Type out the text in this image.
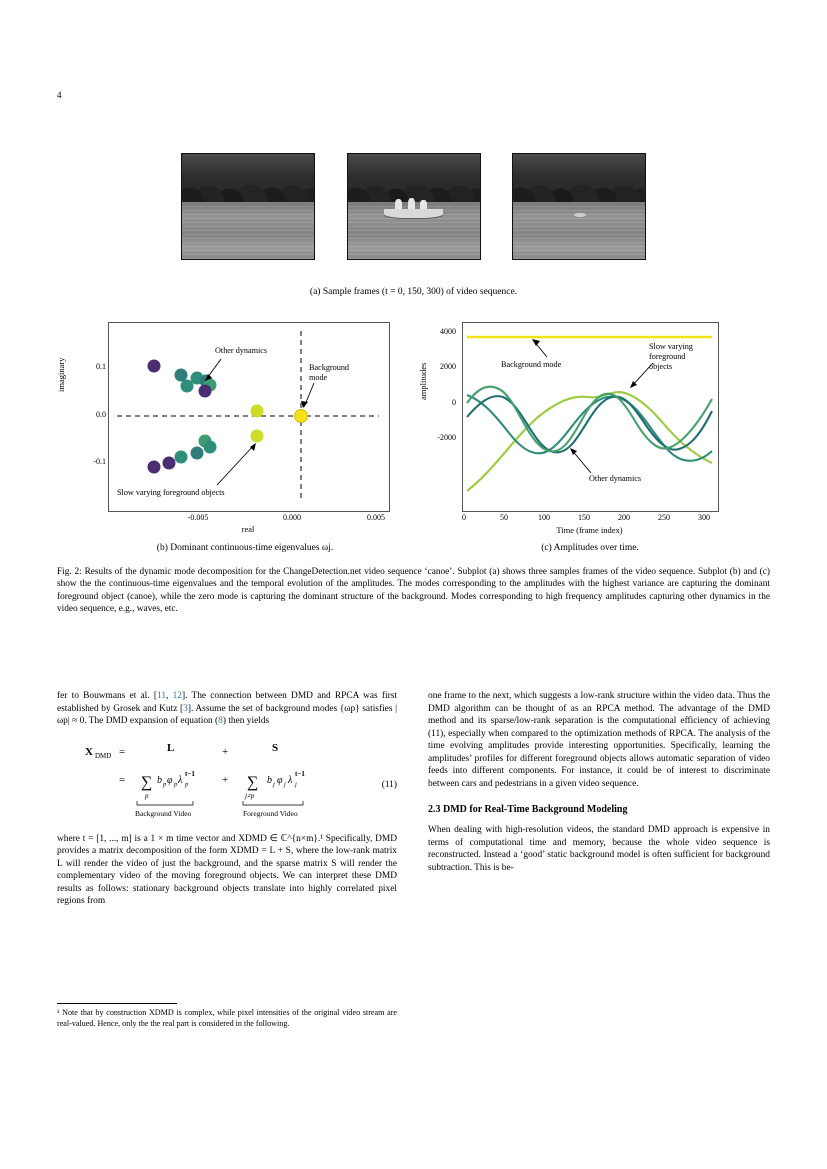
4
(a) Sample frames (t = 0, 150, 300) of video sequence.
Other dynamics
Background
mode
Slow varying foreground objects
0.1
0.0
-0.1
-0.005	0.000	0.005
imaginary
real
Background mode
Slow varying
foreground
objects
Other dynamics
4000
2000
0
-2000
0	50	100	150	200	250	300
amplitudes
Time (frame index)
(b) Dominant continuous-time eigenvalues ωj.	(c) Amplitudes over time.
Fig. 2: Results of the dynamic mode decomposition for the ChangeDetection.net video sequence ‘canoe’. Subplot (a) shows three samples frames of the video sequence. Subplot (b) and (c) show the the continuous-time eigenvalues and the temporal evolution of the amplitudes. The modes corresponding to the amplitudes with the highest variance are capturing the dominant foreground object (canoe), while the zero mode is capturing the dominant structure of the background. Modes corresponding to high frequency amplitudes capturing other dynamics in the video sequence, e.g., waves, etc.

fer to Bouwmans et al. [11, 12]. The connection between DMD and RPCA was first established by Grosek and Kutz [3]. Assume the set of background modes {ωp} satisfies |ωp| ≈ 0. The DMD expansion of equation (8) then yields

X DMD =	L	+	S
= ∑
p
b p φ p λ p
t−1 + ∑
j≠p
b j φ j λ j
t−1
Background Video	Foreground Video
(11)

where t = [1, ..., m] is a 1 × m time vector and XDMD ∈ ℂ^{n×m}.¹ Specifically, DMD provides a matrix decomposition of the form XDMD = L + S, where the low-rank matrix L will render the video of just the background, and the sparse matrix S will render the complementary video of the moving foreground objects. We can interpret these DMD results as follows: stationary background objects translate into highly correlated pixel regions from

¹ Note that by construction XDMD is complex, while pixel intensities of the original video stream are real-valued. Hence, only the the real part is considered in the following.

one frame to the next, which suggests a low-rank structure within the video data. Thus the DMD algorithm can be thought of as an RPCA method. The advantage of the DMD method and its sparse/low-rank separation is the computational efficiency of achieving (11), especially when compared to the optimization methods of RPCA. The analysis of the time evolving amplitudes provide interesting opportunities. Specifically, learning the amplitudes’ profiles for different foreground objects allows automatic separation of video feeds into different components. For instance, it could be of interest to discriminate between cars and pedestrians in a given video sequence.

2.3 DMD for Real-Time Background Modeling

When dealing with high-resolution videos, the standard DMD approach is expensive in terms of computational time and memory, because the whole video sequence is reconstructed. Instead a ‘good’ static background model is often sufficient for background subtraction. This is be-
